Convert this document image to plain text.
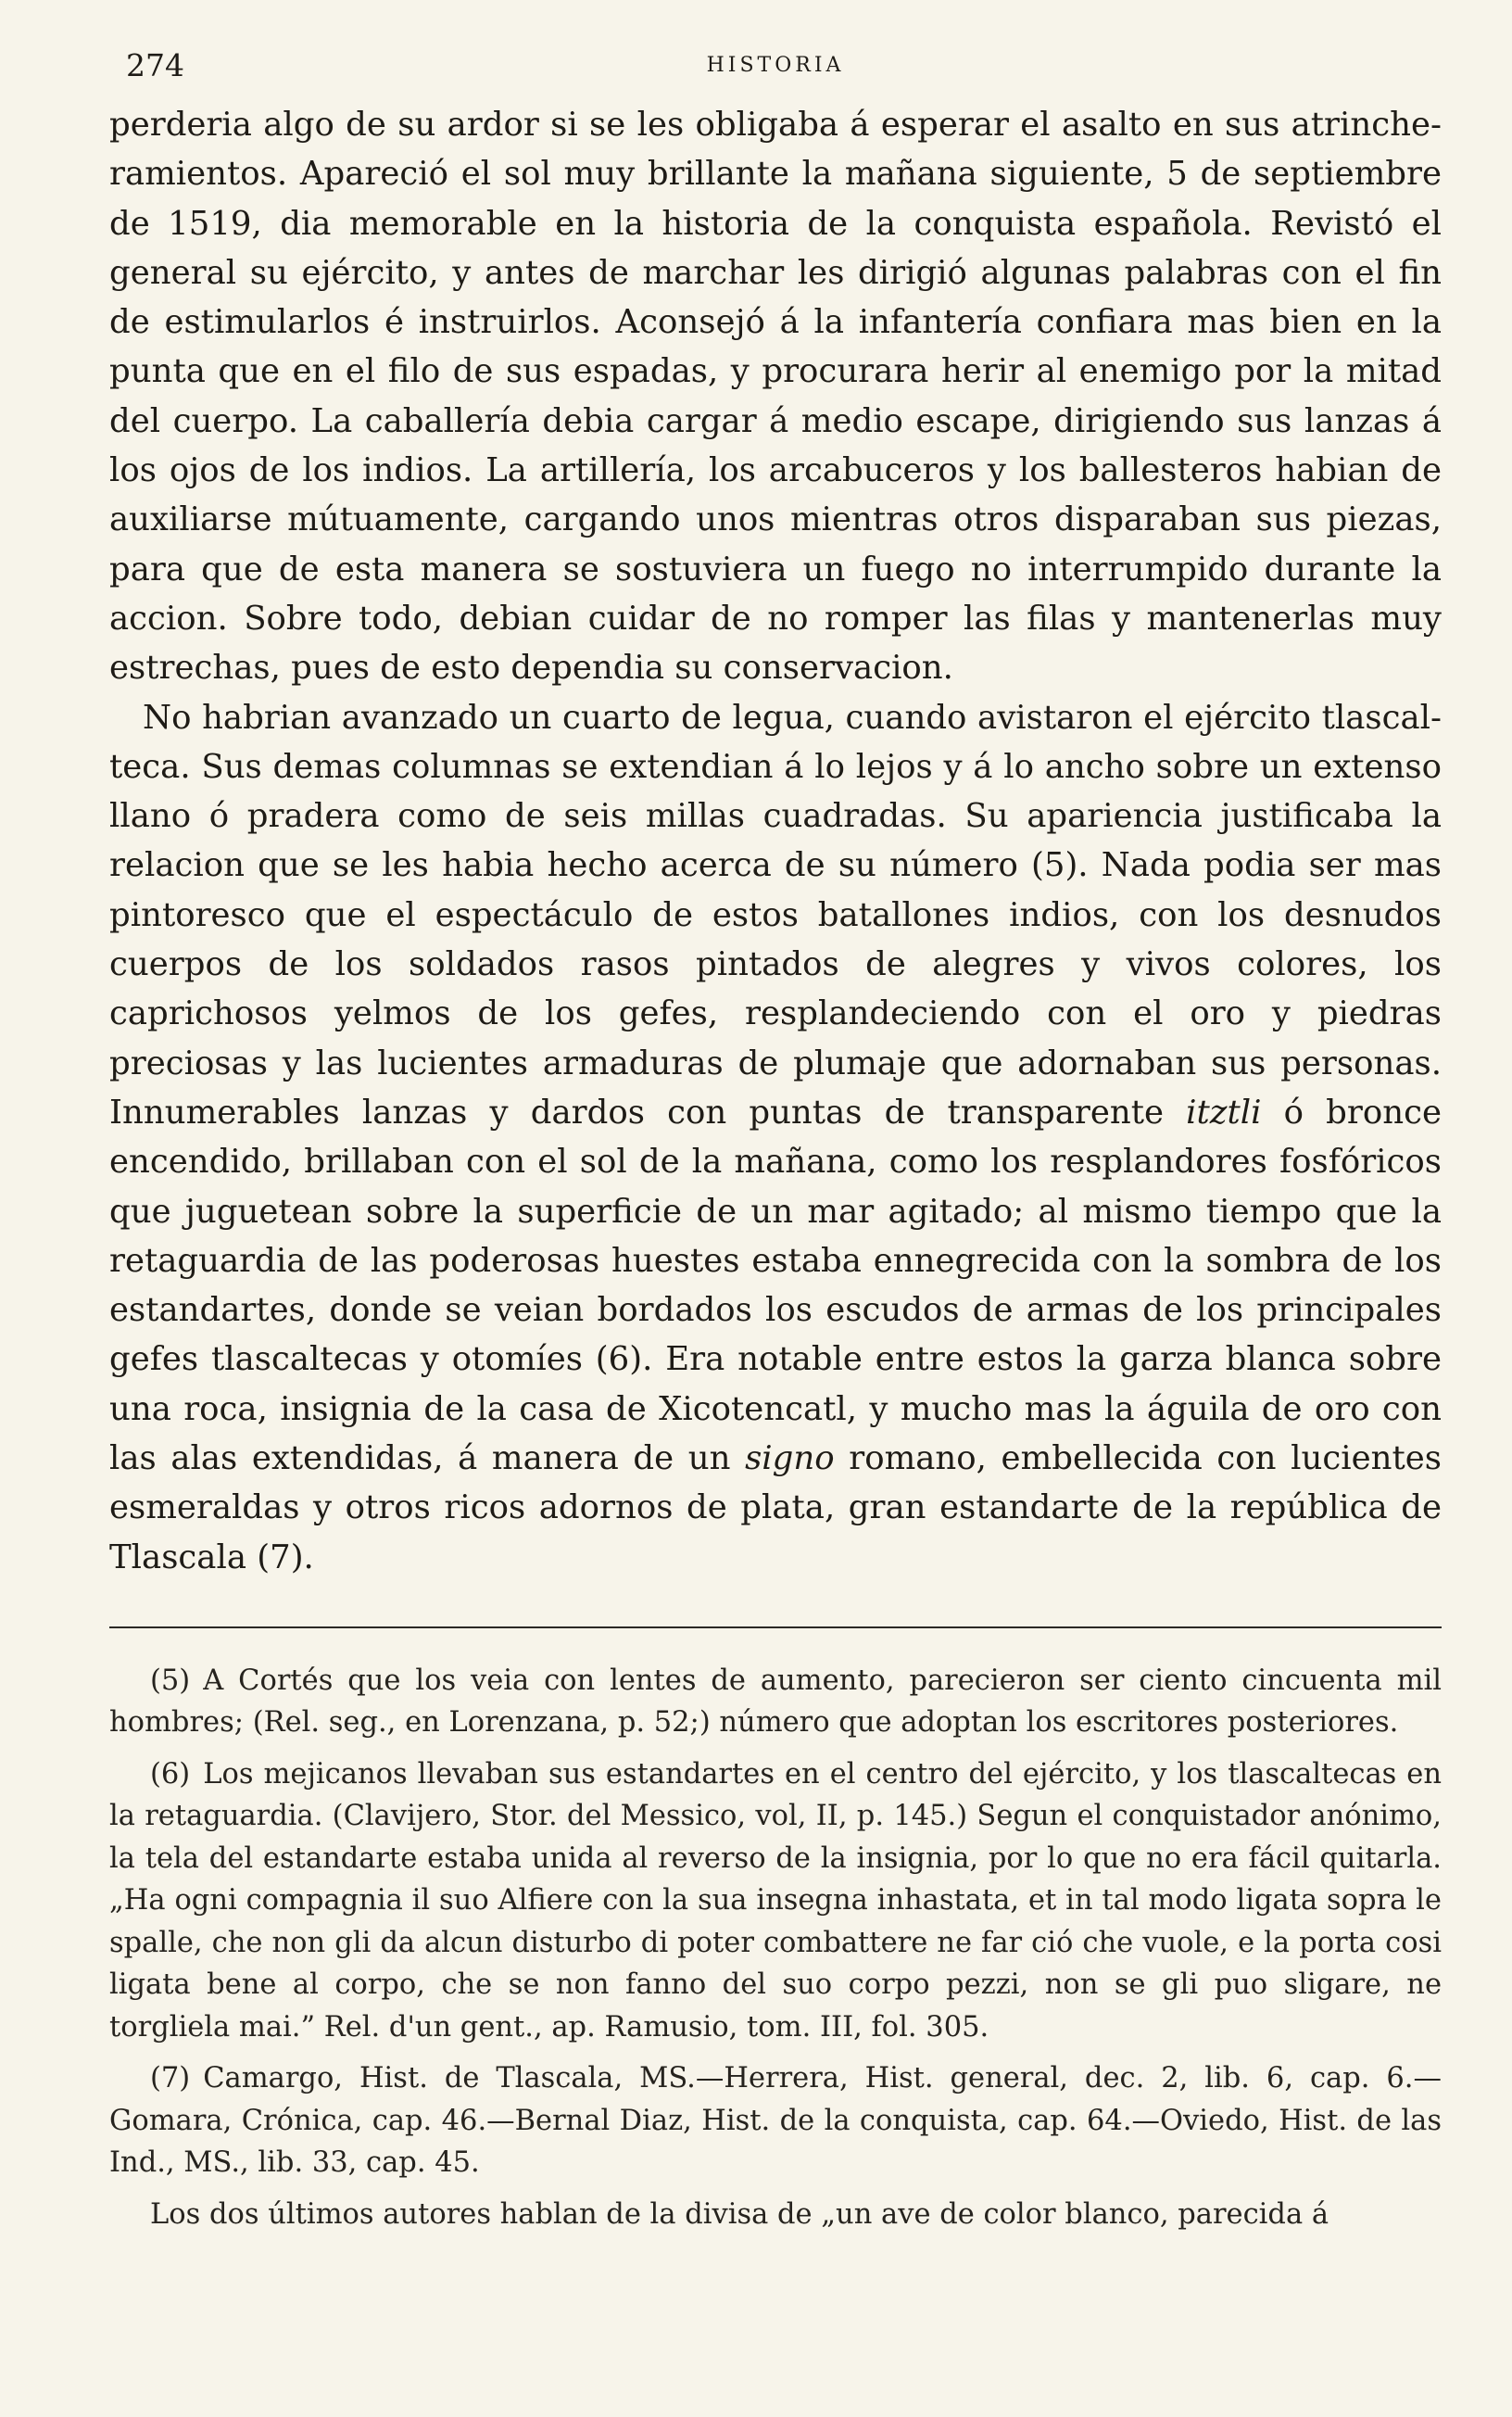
274	HISTORIA

perderia algo de su ardor si se les obligaba á esperar el asalto en sus atrincheramientos. Apareció el sol muy brillante la mañana siguiente, 5 de septiembre de 1519, dia memorable en la historia de la conquista española. Revistó el general su ejército, y antes de marchar les dirigió algunas palabras con el fin de estimularlos é instruirlos. Aconsejó á la infantería confiara mas bien en la punta que en el filo de sus espadas, y procurara herir al enemigo por la mitad del cuerpo. La caballería debia cargar á medio escape, dirigiendo sus lanzas á los ojos de los indios. La artillería, los arcabuceros y los ballesteros habian de auxiliarse mútuamente, cargando unos mientras otros disparaban sus piezas, para que de esta manera se sostuviera un fuego no interrumpido durante la accion. Sobre todo, debian cuidar de no romper las filas y mantenerlas muy estrechas, pues de esto dependia su conservacion.

No habrian avanzado un cuarto de legua, cuando avistaron el ejército tlascalteca. Sus demas columnas se extendian á lo lejos y á lo ancho sobre un extenso llano ó pradera como de seis millas cuadradas. Su apariencia justificaba la relacion que se les habia hecho acerca de su número (5). Nada podia ser mas pintoresco que el espectáculo de estos batallones indios, con los desnudos cuerpos de los soldados rasos pintados de alegres y vivos colores, los caprichosos yelmos de los gefes, resplandeciendo con el oro y piedras preciosas y las lucientes armaduras de plumaje que adornaban sus personas. Innumerables lanzas y dardos con puntas de transparente itztli ó bronce encendido, brillaban con el sol de la mañana, como los resplandores fosfóricos que juguetean sobre la superficie de un mar agitado; al mismo tiempo que la retaguardia de las poderosas huestes estaba ennegrecida con la sombra de los estandartes, donde se veian bordados los escudos de armas de los principales gefes tlascaltecas y otomíes (6). Era notable entre estos la garza blanca sobre una roca, insignia de la casa de Xicotencatl, y mucho mas la águila de oro con las alas extendidas, á manera de un signo romano, embellecida con lucientes esmeraldas y otros ricos adornos de plata, gran estandarte de la república de Tlascala (7).

(5) A Cortés que los veia con lentes de aumento, parecieron ser ciento cincuenta mil hombres; (Rel. seg., en Lorenzana, p. 52;) número que adoptan los escritores posteriores.

(6) Los mejicanos llevaban sus estandartes en el centro del ejército, y los tlascaltecas en la retaguardia. (Clavijero, Stor. del Messico, vol, II, p. 145.) Segun el conquistador anónimo, la tela del estandarte estaba unida al reverso de la insignia, por lo que no era fácil quitarla. „Ha ogni compagnia il suo Alfiere con la sua insegna inhastata, et in tal modo ligata sopra le spalle, che non gli da alcun disturbo di poter combattere ne far ció che vuole, e la porta cosi ligata bene al corpo, che se non fanno del suo corpo pezzi, non se gli puo sligare, ne torgliela mai.” Rel. d'un gent., ap. Ramusio, tom. III, fol. 305.

(7) Camargo, Hist. de Tlascala, MS.—Herrera, Hist. general, dec. 2, lib. 6, cap. 6.—Gomara, Crónica, cap. 46.—Bernal Diaz, Hist. de la conquista, cap. 64.—Oviedo, Hist. de las Ind., MS., lib. 33, cap. 45.

Los dos últimos autores hablan de la divisa de „un ave de color blanco, parecida á
